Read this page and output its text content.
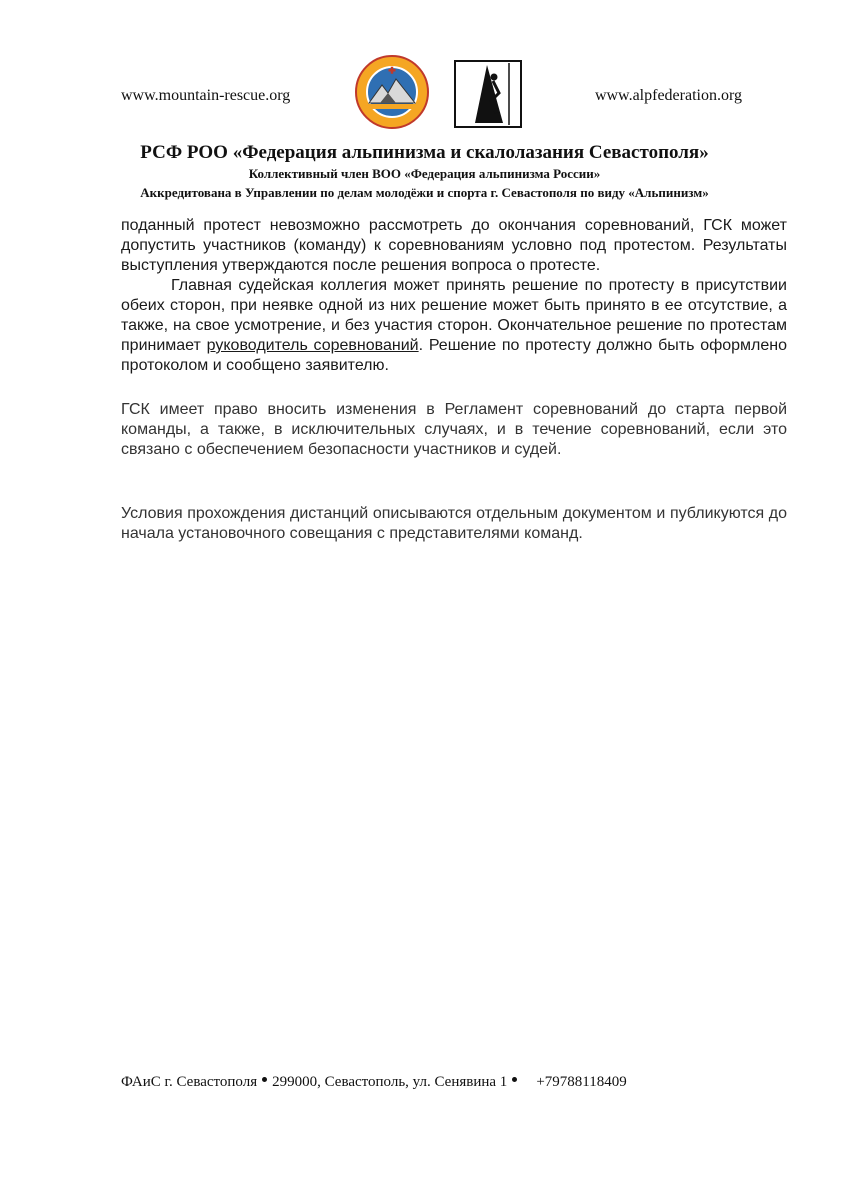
www.mountain-rescue.org
РСФ РОО «Федерация альпинизма и скалолазания Севастополя»
Коллективный член ВОО «Федерация альпинизма России»
Аккредитована в Управлении по делам молодёжи и спорта г. Севастополя по виду «Альпинизм»

поданный протест невозможно рассмотреть до окончания соревнований, ГСК может допустить участников (команду) к соревнованиям условно под протестом. Результаты выступления утверждаются после решения вопроса о протесте.

Главная судейская коллегия может принять решение по протесту в присутствии обеих сторон, при неявке одной из них решение может быть принято в ее отсутствие, а также, на свое усмотрение, и без участия сторон. Окончательное решение по протестам принимает руководитель соревнований. Решение по протесту должно быть оформлено протоколом и сообщено заявителю.

ГСК имеет право вносить изменения в Регламент соревнований до старта первой команды, а также, в исключительных случаях, и в течение соревнований, если это связано с обеспечением безопасности участников и судей.

Условия прохождения дистанций описываются отдельным документом и публикуются до начала установочного совещания с представителями команд.

ФАиС г. Севастополя 299000, Севастополь, ул. Сенявина 1 +79788118409
www.alpfederation.org
